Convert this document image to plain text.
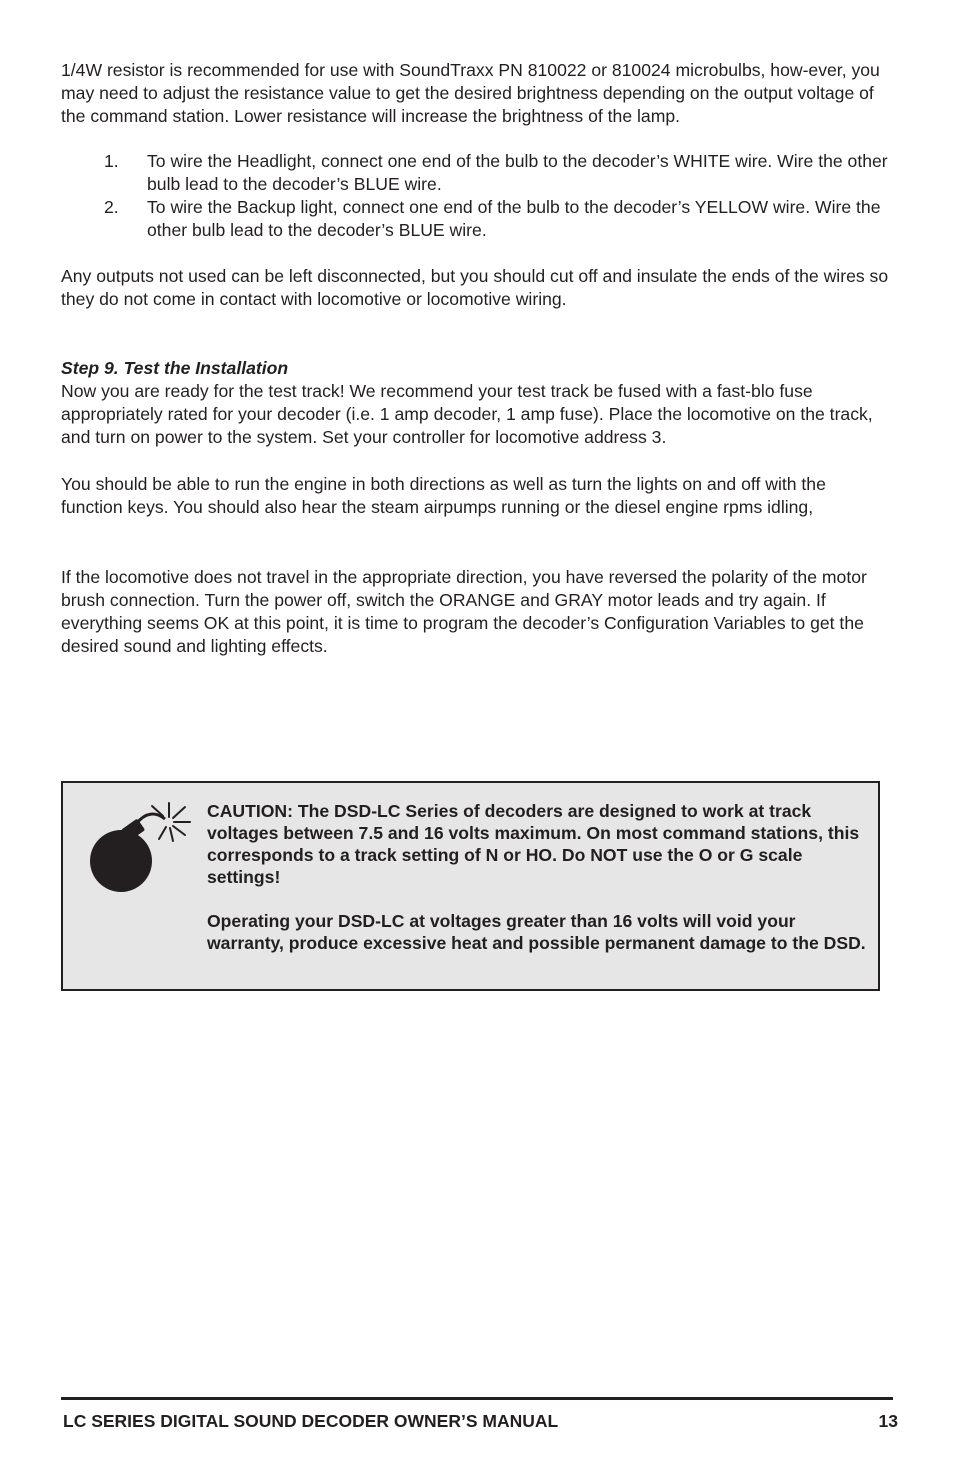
1/4W resistor is recommended for use with SoundTraxx PN 810022 or 810024 microbulbs, how-ever, you may need to adjust the resistance value to get the desired brightness depending on the output voltage of the command station. Lower resistance will increase the brightness of the lamp.
1.	To wire the Headlight, connect one end of the bulb to the decoder’s WHITE wire. Wire the other bulb lead to the decoder’s BLUE wire.
2.	To wire the Backup light, connect one end of the bulb to the decoder’s YELLOW wire. Wire the other bulb lead to the decoder’s BLUE wire.
Any outputs not used can be left disconnected, but you should cut off and insulate the ends of the wires so they do not come in contact with locomotive or locomotive wiring.
Step 9. Test the Installation
Now you are ready for the test track! We recommend your test track be fused with a fast-blo fuse appropriately rated for your decoder (i.e. 1 amp decoder, 1 amp fuse). Place the locomotive on the track, and turn on power to the system. Set your controller for locomotive address 3.
You should be able to run the engine in both directions as well as turn the lights on and off with the function keys. You should also hear the steam airpumps running or the diesel engine rpms idling,
If the locomotive does not travel in the appropriate direction, you have reversed the polarity of the motor brush connection. Turn the power off, switch the ORANGE and GRAY motor leads and try again. If everything seems OK at this point, it is time to program the decoder’s Configuration Variables to get the desired sound and lighting effects.

CAUTION: The DSD-LC Series of decoders are designed to work at track voltages between 7.5 and 16 volts maximum. On most command stations, this corresponds to a track setting of N or HO. Do NOT use the O or G scale settings!

Operating your DSD-LC at voltages greater than 16 volts will void your warranty, produce excessive heat and possible permanent damage to the DSD.

LC SERIES DIGITAL SOUND DECODER OWNER’S MANUAL	13
